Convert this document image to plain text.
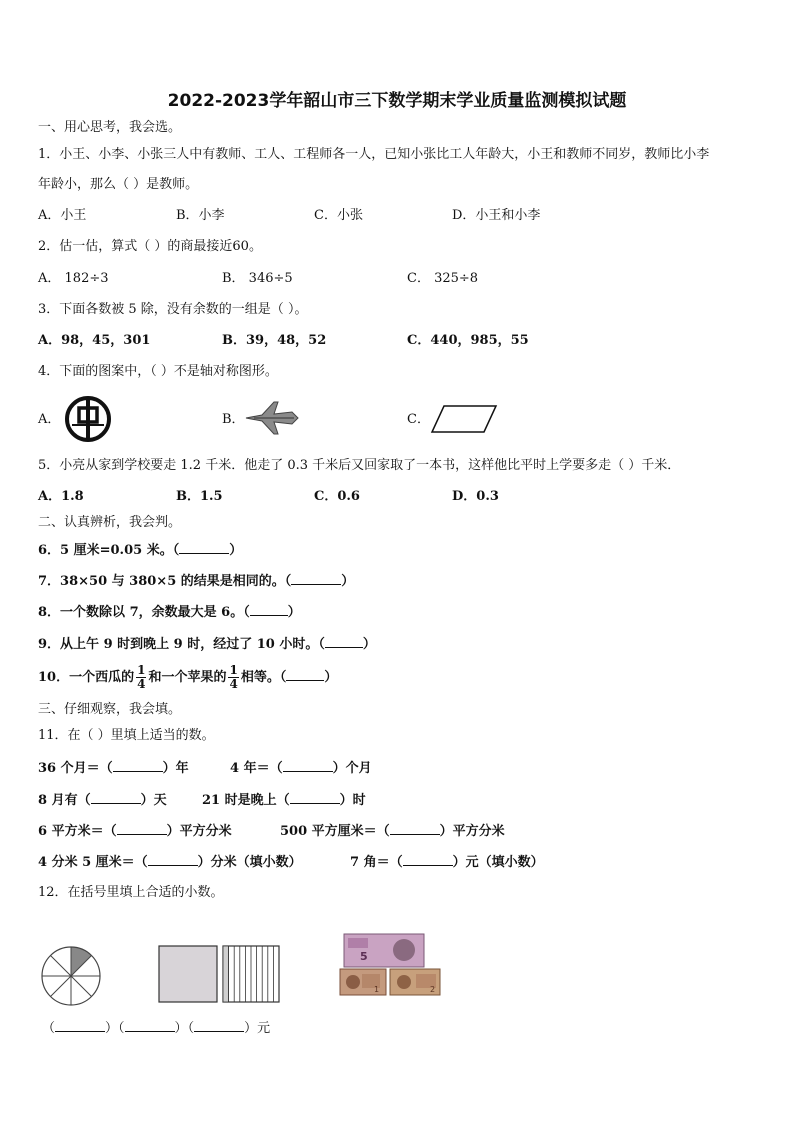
2022-2023学年韶山市三下数学期末学业质量监测模拟试题
一、用心思考，我会选。
1．小王、小李、小张三人中有教师、工人、工程师各一人，已知小张比工人年龄大，小王和教师不同岁，教师比小李
年龄小，那么（ ）是教师。
A．小王	B．小李	C．小张	D．小王和小李
2．估一估，算式（ ）的商最接近60。
A． 182÷3	B． 346÷5	C． 325÷8
3．下面各数被 5 除，没有余数的一组是（ ）。
A．98，45，301	B．39，48，52	C．440，985，55
4．下面的图案中，（ ）不是轴对称图形。
A．	B．	C．
5．小亮从家到学校要走 1.2 千米．他走了 0.3 千米后又回家取了一本书，这样他比平时上学要多走（ ）千米．
A．1.8	B．1.5	C．0.6	D．0.3
二、认真辨析，我会判。
6．5 厘米=0.05 米。（	）
7．38×50 与 380×5 的结果是相同的。（	）
8．一个数除以 7，余数最大是 6。（	）
9．从上午 9 时到晚上 9 时，经过了 10 小时。（	）
10．一个西瓜的 $\frac{1}{4}$ 和一个苹果的 $\frac{1}{4}$ 相等。（	）
三、仔细观察，我会填。
11．在（ ）里填上适当的数。
36 个月＝（	）年	4 年＝（	）个月
8 月有（	）天	21 时是晚上（	）时
6 平方米＝（	）平方分米	500 平方厘米＝（	）平方分米
4 分米 5 厘米＝（	）分米（填小数）	7 角＝（	）元（填小数）
12．在括号里填上合适的小数。
5
1	2
（	）（	）（	）元
